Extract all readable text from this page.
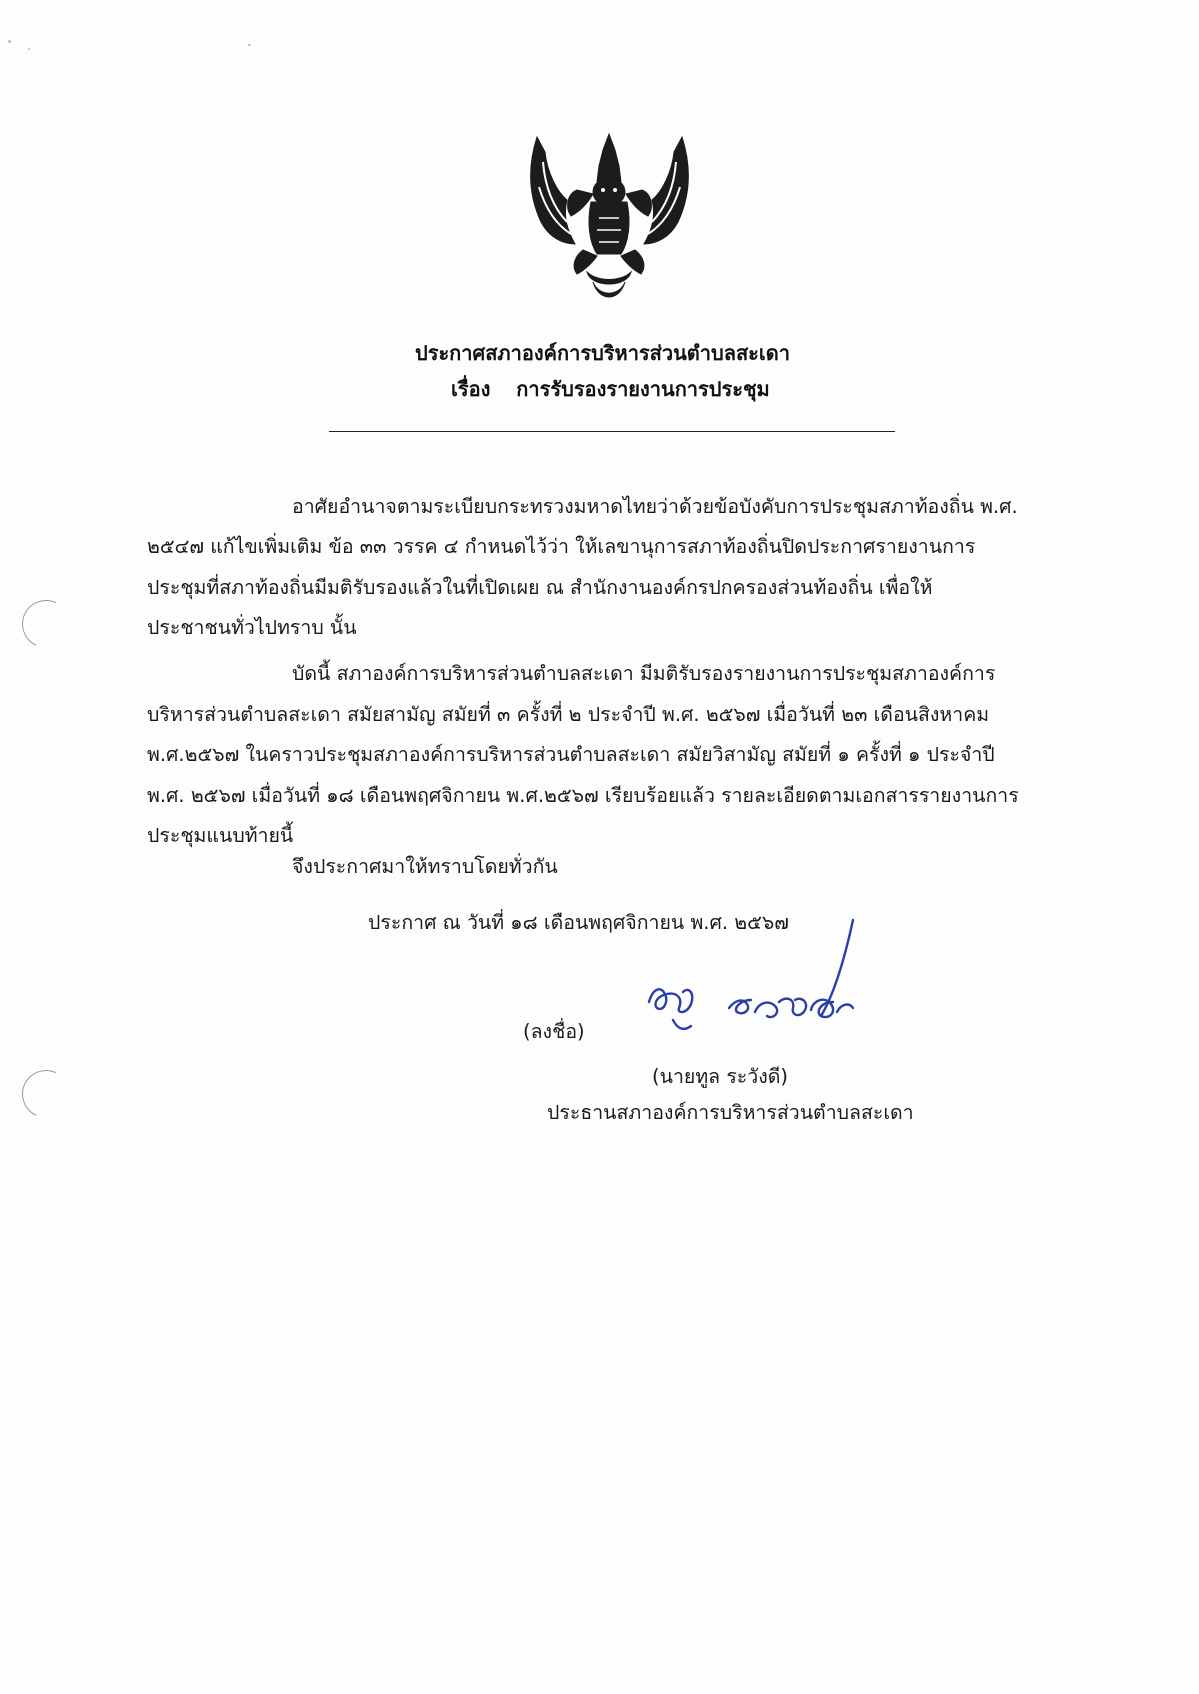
ประกาศสภาองค์การบริหารส่วนตำบลสะเดา
เรื่อง การรับรองรายงานการประชุม
อาศัยอำนาจตามระเบียบกระทรวงมหาดไทยว่าด้วยข้อบังคับการประชุมสภาท้องถิ่น พ.ศ.
๒๕๔๗ แก้ไขเพิ่มเติม ข้อ ๓๓ วรรค ๔ กำหนดไว้ว่า ให้เลขานุการสภาท้องถิ่นปิดประกาศรายงานการ
ประชุมที่สภาท้องถิ่นมีมติรับรองแล้วในที่เปิดเผย ณ สำนักงานองค์กรปกครองส่วนท้องถิ่น เพื่อให้
ประชาชนทั่วไปทราบ นั้น
บัดนี้ สภาองค์การบริหารส่วนตำบลสะเดา มีมติรับรองรายงานการประชุมสภาองค์การ
บริหารส่วนตำบลสะเดา สมัยสามัญ สมัยที่ ๓ ครั้งที่ ๒ ประจำปี พ.ศ. ๒๕๖๗ เมื่อวันที่ ๒๓ เดือนสิงหาคม
พ.ศ.๒๕๖๗ ในคราวประชุมสภาองค์การบริหารส่วนตำบลสะเดา สมัยวิสามัญ สมัยที่ ๑ ครั้งที่ ๑ ประจำปี
พ.ศ. ๒๕๖๗ เมื่อวันที่ ๑๘ เดือนพฤศจิกายน พ.ศ.๒๕๖๗ เรียบร้อยแล้ว รายละเอียดตามเอกสารรายงานการ
ประชุมแนบท้ายนี้
จึงประกาศมาให้ทราบโดยทั่วกัน
ประกาศ ณ วันที่ ๑๘ เดือนพฤศจิกายน พ.ศ. ๒๕๖๗
(ลงชื่อ)
(นายทูล ระวังดี)
ประธานสภาองค์การบริหารส่วนตำบลสะเดา
